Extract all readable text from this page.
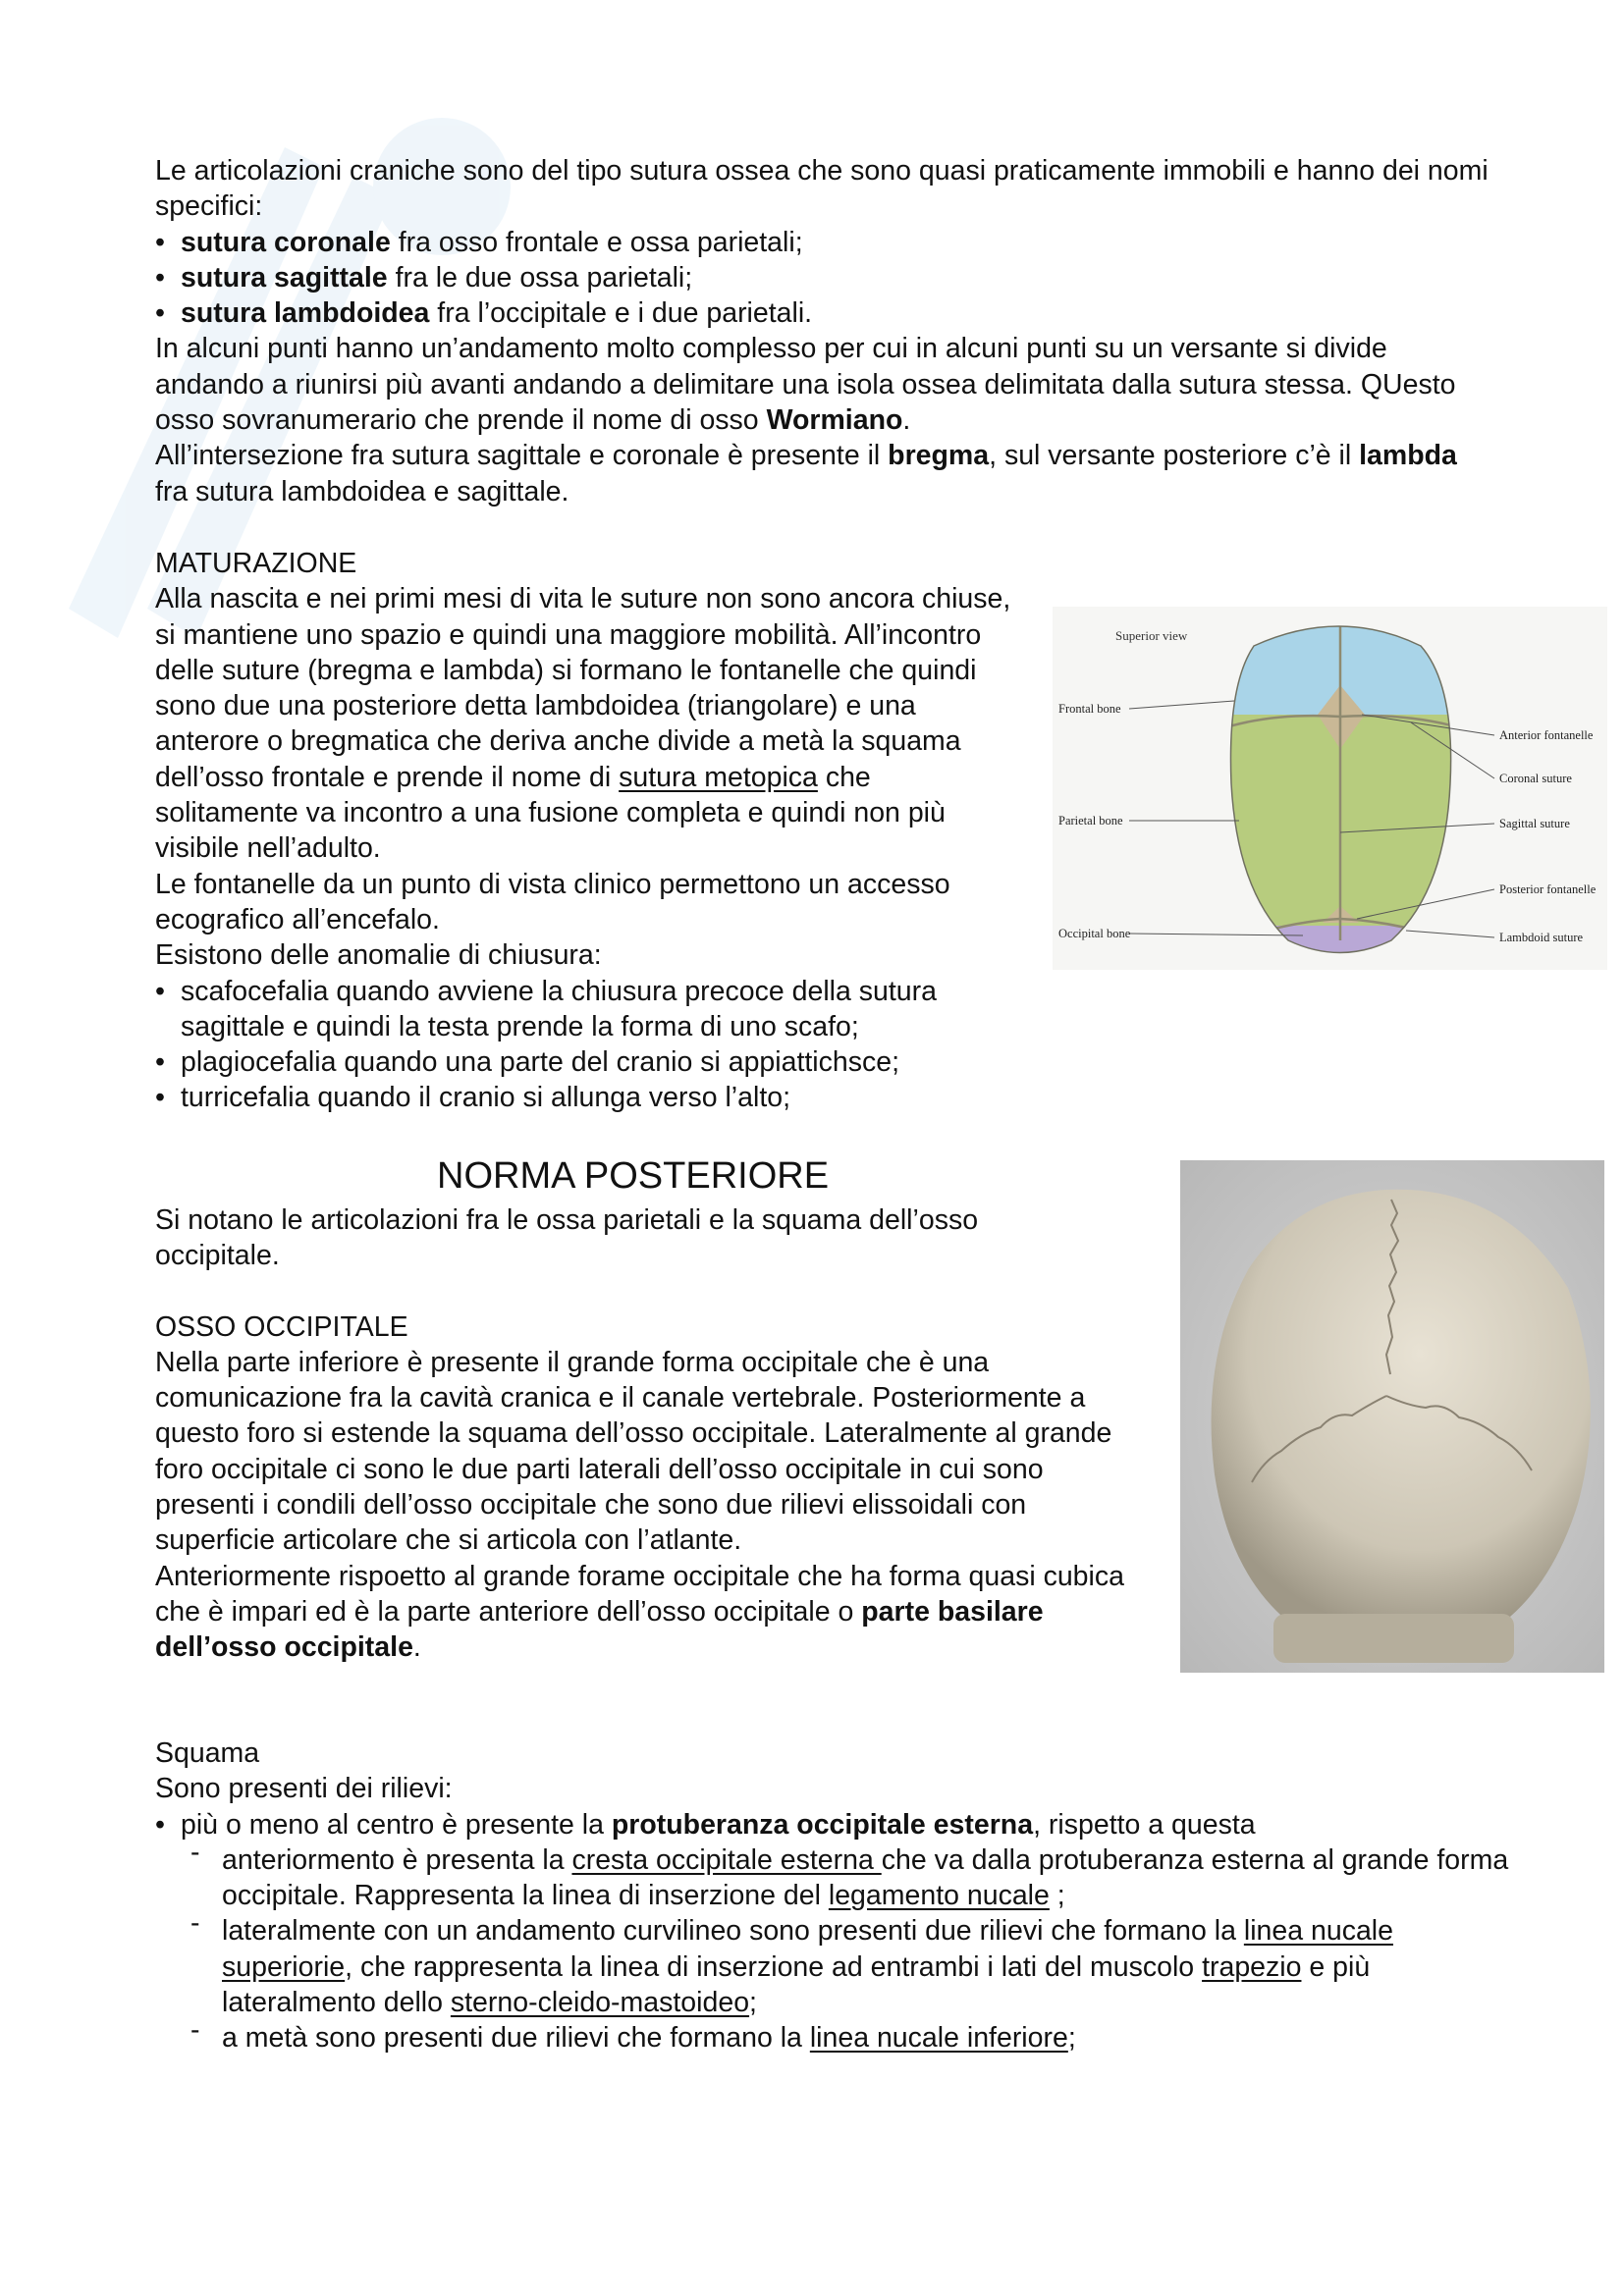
Le articolazioni craniche sono del tipo sutura ossea che sono quasi praticamente immobili e hanno dei nomi specifici:
• sutura coronale fra osso frontale e ossa parietali;
• sutura sagittale fra le due ossa parietali;
• sutura lambdoidea fra l’occipitale e i due parietali.
In alcuni punti hanno un’andamento molto complesso per cui in alcuni punti su un versante si divide andando a riunirsi più avanti andando a delimitare una isola ossea delimitata dalla sutura stessa. QUesto osso sovranumerario che prende il nome di osso Wormiano.
All’intersezione fra sutura sagittale e coronale è presente il bregma, sul versante posteriore c’è il lambda fra sutura lambdoidea e sagittale.
MATURAZIONE
Alla nascita e nei primi mesi di vita le suture non sono ancora chiuse, si mantiene uno spazio e quindi una maggiore mobilità. All’incontro delle suture (bregma e lambda) si formano le fontanelle che quindi sono due una posteriore detta lambdoidea (triangolare) e una anterore o bregmatica che deriva anche divide a metà la squama dell’osso frontale e prende il nome di sutura metopica che solitamente va incontro a una fusione completa e quindi non più visibile nell’adulto.
Le fontanelle da un punto di vista clinico permettono un accesso ecografico all’encefalo.
Esistono delle anomalie di chiusura:
• scafocefalia quando avviene la chiusura precoce della sutura sagittale e quindi la testa prende la forma di uno scafo;
• plagiocefalia quando una parte del cranio si appiattichsce;
• turricefalia quando il cranio si allunga verso l’alto;
Superior view
Frontal bone
Parietal bone
Occipital bone
Anterior fontanelle
Coronal suture
Sagittal suture
Posterior fontanelle
Lambdoid suture
NORMA POSTERIORE
Si notano le articolazioni fra le ossa parietali e la squama dell’osso occipitale.
OSSO OCCIPITALE
Nella parte inferiore è presente il grande forma occipitale che è una comunicazione fra la cavità cranica e il canale vertebrale. Posteriormente a questo foro si estende la squama dell’osso occipitale. Lateralmente al grande foro occipitale ci sono le due parti laterali dell’osso occipitale in cui sono presenti i condili dell’osso occipitale che sono due rilievi elissoidali con superficie articolare che si articola con l’atlante.
Anteriormente rispoetto al grande forame occipitale che ha forma quasi cubica che è impari ed è la parte anteriore dell’osso occipitale o parte basilare dell’osso occipitale.
Squama
Sono presenti dei rilievi:
• più o meno al centro è presente la protuberanza occipitale esterna, rispetto a questa
- anteriormento è presenta la cresta occipitale esterna che va dalla protuberanza esterna al grande forma occipitale. Rappresenta la linea di inserzione del legamento nucale ;
- lateralmente con un andamento curvilineo sono presenti due rilievi che formano la linea nucale superiorie, che rappresenta la linea di inserzione ad entrambi i lati del muscolo trapezio e più lateralmento dello sterno-cleido-mastoideo;
- a metà sono presenti due rilievi che formano la linea nucale inferiore;
